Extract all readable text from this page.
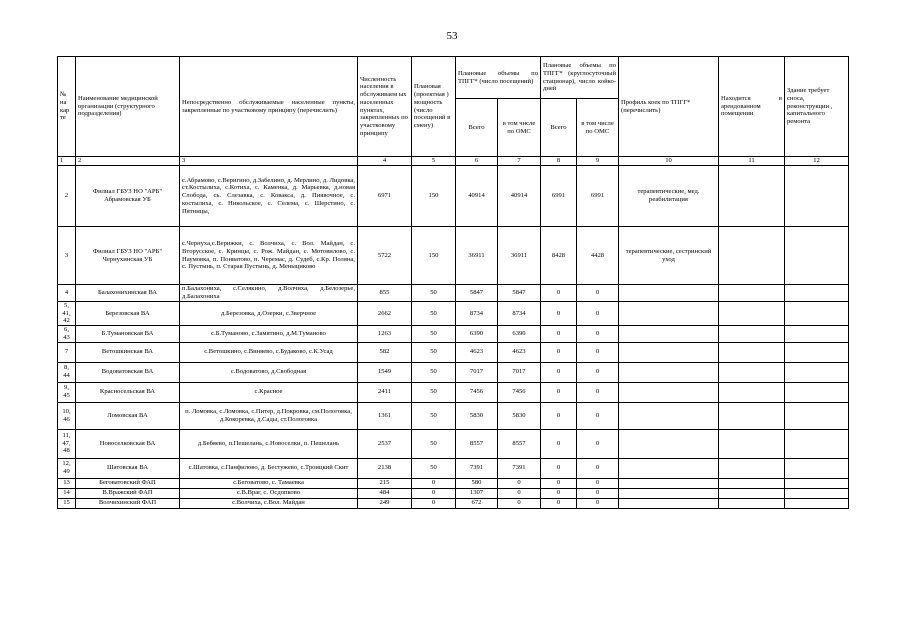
53
№ на кар те	Наименование медицинской организации (структурного подразделения)	Непосредственно обслуживаемые населенные пункты, закрепленные по участковому принципу (перечислить)	Численность населения в обслуживаем ых населенных пунктах, закрепленных по участковому принципу	Плановая (проектная ) мощность (число посещений в смену)	Плановые объемы по ТПГГ* (число посещений)		Плановые объемы по ТПГГ* (круглосуточный стационар), число койко-дней		Профиль коек по ТПГГ* (перечислить)	Находится в арендованном помещении	Здание требует сноса, реконструкции , капитального ремонта
					Всего	в том числе по ОМС	Всего	в том числе по ОМС			
1	2	3	4	5	6	7	8	9	10	11	12
2	Филиал ГБУЗ НО "АРБ" Абрамовская УБ	с.Абрамово, с.Веригино, д.Забелино, д. Мерлино, д. Лидовка, ст.Костылиха, с.Котиха, с. Каменка, д. Марьевка, д.новая Слобода, сь. Слезавка, с. Ковакса, д. Пиявочное, с. костылиха, с. Никольское, с. Селема, с. Шерстино, с. Пятницы,	6971	150	40914	40914	6991	6991	терапевтические, мед. реабилитация		
3	Филиал ГБУЗ НО "АРБ" Чернухинская УБ	с.Чернуха,с.Верижки, с. Волчиха, с. Вол. Майдан, с. Вторусское, с. Кринцы, с. Рож. Майдан, с. Мотовилово, с. Наумовка, п. Понватово, п. Черемас, д. Судеб, с.Кр. Поляна, с. Пустынь, п. Старая Пустынь, д. Меньщиково	5722	150	36911	36911	8428	4428	терапевтические, сестринский уход		
4	Балахонихинская ВА	п.Балахониха, с.Селякино, д.Волчиха, д.Белозерье, д.Балахониха	855	50	5847	5847	0	0			
5, 41, 42	Березовская ВА	д.Березовка, д.Озерки, с.Зверчное	2662	50	8734	8734	0	0			
6, 43	Б.Тумановская ВА	с.Б.Туманово, с.Замятино, д.М.Туманово	1263	50	6390	6390	0	0			
7	Ветошкинская ВА	с.Ветошкино, с.Виняево, с.Будаково, с.К.Усад	582	50	4623	4623	0	0			
8, 44	Водоватовская ВА	с.Водоватово, д.Свободная	1549	50	7017	7017	0	0			
9, 45	Красносельская ВА	с.Красное	2411	50	7456	7456	0	0			
10, 46	Ломовская ВА	п. Ломовка, с.Ломовка, с.Питер, д.Покровка, см.Пологовка, д.Кокоревка, д.Сады, ст.Пологовка	1361	50	5830	5830	0	0			
11, 47, 48	Новоселковская ВА	д.Бебяево, п.Пешелань, с.Новоселки, п. Пешелань	2537	50	8557	8557	0	0			
12, 49	Шатовская ВА	с.Шатовка, с.Панфилово, д. Бестужево, с.Троицкий Скит	2138	50	7391	7391	0	0			
13	Беговатовский ФАП	с.Беговатово, с. Тамаевка	215	0	580	0	0	0			
14	В.Вражский ФАП	с.В.Враг, с. Осдопково	484	0	1307	0	0	0			
15	Волчихинский ФАП	с.Волчиха, с.Вол. Майдан	249	0	672	0	0	0			
